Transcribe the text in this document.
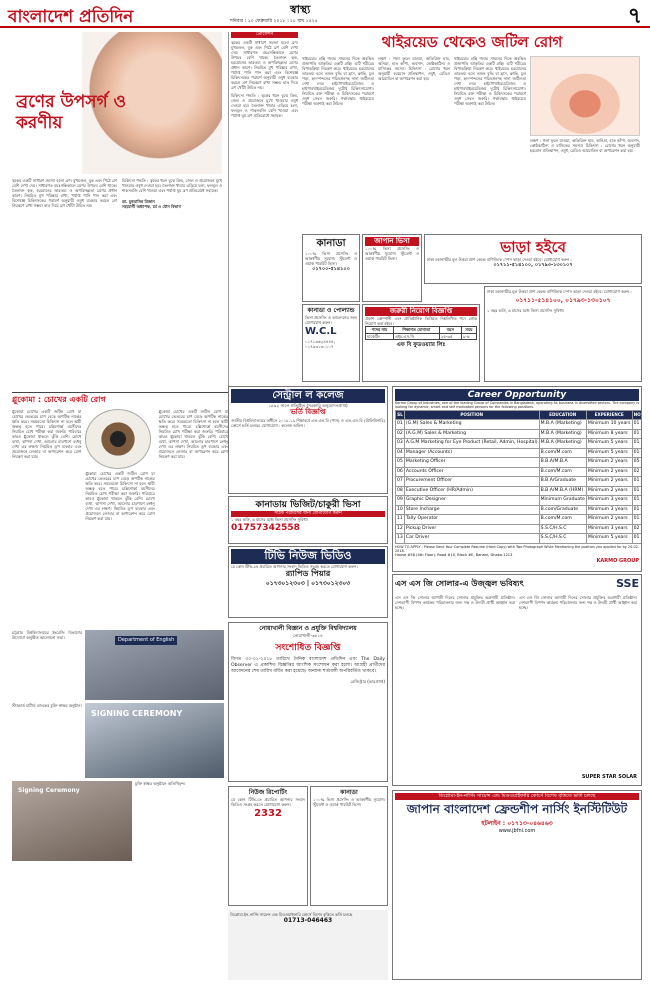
বাংলাদেশ প্রতিদিন	স্বাস্থ্য
শনিবার । ১০ ফেব্রুয়ারি ২০১৮ । ২৮ মাঘ ১৪২৪	৭
ব্রণের উপসর্গ ও করণীয়

ত্বকের একটি সাধারণ সমস্যা হলো ব্রণ। মুখমণ্ডল, বুক এবং পিঠে ব্রণ বেশি দেখা দেয়। সাধারণত বয়ঃসন্ধিকালে ব্রণের উপদ্রব বেশি থাকে। তৈলাক্ত ত্বক, হরমোনের তারতম্য ও অপরিচ্ছন্নতা ব্রণের প্রধান কারণ। নিয়মিত মুখ পরিষ্কার রাখা, পর্যাপ্ত পানি পান করা এবং বিশেষজ্ঞ চিকিৎসকের পরামর্শ অনুযায়ী ওষুধ ব্যবহার করলে ব্রণ নিয়ন্ত্রণে রাখা সম্ভব। হাত দিয়ে ব্রণ খোঁটা উচিত নয়।

চিকিৎসা পদ্ধতি : ত্বকের ধরন বুঝে ক্রিম, জেল ও প্রয়োজনে মুখে খাওয়ার ওষুধ দেওয়া হয়। তৈলাক্ত খাবার এড়িয়ে চলা, ফলমূল ও শাকসবজি বেশি খাওয়া এবং পর্যাপ্ত ঘুম ব্রণ প্রতিরোধে সহায়ক।

ডা. মুনতাসির মিজান
সহযোগী অধ্যাপক, চর্ম ও যৌন বিভাগ

প্রোফেশন

ত্বকের একটি সাধারণ সমস্যা হলো ব্রণ। মুখমণ্ডল, বুক এবং পিঠে ব্রণ বেশি দেখা দেয়। সাধারণত বয়ঃসন্ধিকালে ব্রণের উপদ্রব বেশি থাকে। তৈলাক্ত ত্বক, হরমোনের তারতম্য ও অপরিচ্ছন্নতা ব্রণের প্রধান কারণ। নিয়মিত মুখ পরিষ্কার রাখা, পর্যাপ্ত পানি পান করা এবং বিশেষজ্ঞ চিকিৎসকের পরামর্শ অনুযায়ী ওষুধ ব্যবহার করলে ব্রণ নিয়ন্ত্রণে রাখা সম্ভব। হাত দিয়ে ব্রণ খোঁটা উচিত নয়।

চিকিৎসা পদ্ধতি : ত্বকের ধরন বুঝে ক্রিম, জেল ও প্রয়োজনে মুখে খাওয়ার ওষুধ দেওয়া হয়। তৈলাক্ত খাবার এড়িয়ে চলা, ফলমূল ও শাকসবজি বেশি খাওয়া এবং পর্যাপ্ত ঘুম ব্রণ প্রতিরোধে সহায়ক।

গ্লুকোমা : চোখের একটি রোগ

গ্লুকোমা চোখের একটি জটিল রোগ যা চোখের ভেতরের চাপ বেড়ে অপটিক নার্ভের ক্ষতি করে। সময়মতো চিকিৎসা না হলে স্থায়ী অন্ধত্ব হতে পারে। চল্লিশোর্ধ্ব বয়সীদের নিয়মিত চোখ পরীক্ষা করা জরুরি। পরিবারে কারও গ্লুকোমা থাকলে ঝুঁকি বেশি। চোখে ব্যথা, ঝাপসা দেখা, আলোর চারপাশে রংধনু দেখা এর লক্ষণ। নিয়মিত ড্রপ ব্যবহার এবং প্রয়োজনে লেজার বা অপারেশন করে রোগ নিয়ন্ত্রণ করা যায়।

গ্লুকোমা চোখের একটি জটিল রোগ যা চোখের ভেতরের চাপ বেড়ে অপটিক নার্ভের ক্ষতি করে। সময়মতো চিকিৎসা না হলে স্থায়ী অন্ধত্ব হতে পারে। চল্লিশোর্ধ্ব বয়সীদের নিয়মিত চোখ পরীক্ষা করা জরুরি। পরিবারে কারও গ্লুকোমা থাকলে ঝুঁকি বেশি। চোখে ব্যথা, ঝাপসা দেখা, আলোর চারপাশে রংধনু দেখা এর লক্ষণ। নিয়মিত ড্রপ ব্যবহার এবং প্রয়োজনে লেজার বা অপারেশন করে রোগ নিয়ন্ত্রণ করা যায়।

গ্লুকোমা চোখের একটি জটিল রোগ যা চোখের ভেতরের চাপ বেড়ে অপটিক নার্ভের ক্ষতি করে। সময়মতো চিকিৎসা না হলে স্থায়ী অন্ধত্ব হতে পারে। চল্লিশোর্ধ্ব বয়সীদের নিয়মিত চোখ পরীক্ষা করা জরুরি। পরিবারে কারও গ্লুকোমা থাকলে ঝুঁকি বেশি। চোখে ব্যথা, ঝাপসা দেখা, আলোর চারপাশে রংধনু দেখা এর লক্ষণ। নিয়মিত ড্রপ ব্যবহার এবং প্রয়োজনে লেজার বা অপারেশন করে রোগ নিয়ন্ত্রণ করা যায়।

থাইরয়েড থেকেও জটিল রোগ

থাইরয়েড গ্রন্থি গলার সামনের দিকে অবস্থিত প্রজাপতি আকৃতির একটি গ্রন্থি। এটি শরীরের বিপাকক্রিয়া নিয়ন্ত্রণ করে। থাইরয়েড হরমোনের তারতম্য হলে ওজন বৃদ্ধি বা হ্রাস, ক্লান্তি, চুল পড়া, হৃদস্পন্দনের পরিবর্তনসহ নানা জটিলতা দেখা দেয়। হাইপোথাইরয়েডিজম ও হাইপারথাইরয়েডিজম দুটোই চিকিৎসাযোগ্য। নিয়মিত রক্ত পরীক্ষা ও চিকিৎসকের পরামর্শে ওষুধ সেবন জরুরি। গর্ভাবস্থায় থাইরয়েড পরীক্ষা অবশ্যই করা উচিত।

লক্ষণ : গলা ফুলে যাওয়া, অতিরিক্ত ঘাম, অনিদ্রা, হাত কাঁপা, অবসাদ, কোষ্ঠকাঠিন্য ও মাসিকের সমস্যা। চিকিৎসা : রোগের ধরন অনুযায়ী হরমোন প্রতিস্থাপন, ওষুধ, রেডিও আয়োডিন বা অপারেশন করা হয়।

থাইরয়েড গ্রন্থি গলার সামনের দিকে অবস্থিত প্রজাপতি আকৃতির একটি গ্রন্থি। এটি শরীরের বিপাকক্রিয়া নিয়ন্ত্রণ করে। থাইরয়েড হরমোনের তারতম্য হলে ওজন বৃদ্ধি বা হ্রাস, ক্লান্তি, চুল পড়া, হৃদস্পন্দনের পরিবর্তনসহ নানা জটিলতা দেখা দেয়। হাইপোথাইরয়েডিজম ও হাইপারথাইরয়েডিজম দুটোই চিকিৎসাযোগ্য। নিয়মিত রক্ত পরীক্ষা ও চিকিৎসকের পরামর্শে ওষুধ সেবন জরুরি। গর্ভাবস্থায় থাইরয়েড পরীক্ষা অবশ্যই করা উচিত।

লক্ষণ : গলা ফুলে যাওয়া, অতিরিক্ত ঘাম, অনিদ্রা, হাত কাঁপা, অবসাদ, কোষ্ঠকাঠিন্য ও মাসিকের সমস্যা। চিকিৎসা : রোগের ধরন অনুযায়ী হরমোন প্রতিস্থাপন, ওষুধ, রেডিও আয়োডিন বা অপারেশন করা হয়।

কানাডা

১০০% ভিসা প্রসেসিং ও আকর্ষণীয় সুযোগ। স্টুডেন্ট ও ওয়ার্ক পারমিট ভিসা।

০১৭০০-৫১৪১০০
জাপান ভিসা

১০০% ভিসা প্রসেসিং ও আকর্ষণীয় সুযোগ। স্টুডেন্ট ও ওয়ার্ক পারমিট ভিসা।

ভাড়া হইবে

ঢাকা মহানগরীর মূল উত্তরা প্রাণ কেন্দ্রে বাণিজ্যিক স্পেস ভাড়া দেওয়া হইবে। যোগাযোগ করুন :

০১৭১১-৫১৪১০০, ০১৭৯৩-১৩০১০৭
জরুরী নিয়োগ বিজ্ঞপ্তি

প্রকাশ কোম্পানী এবং প্রাতিষ্ঠানিক ভিত্তিতে নিম্নলিখিত পদে লোক নিয়োগ করা হইবে।

পদের নাম	শিক্ষাগত যোগ্যতা	বয়স	সময়
মার্কেটিং	এইচ.এস.সি	২৫-৩৫	৯-৬
এফ বি ফুডওয়্যার লিঃ

ঢাকা মহানগরীর মূল উত্তরা প্রাণ কেন্দ্রে বাণিজ্যিক স্পেস ভাড়া দেওয়া হইবে। যোগাযোগ করুন :

০১৭১১-৫১৪১০০, ০১৭৯৩-১৩০১০৭

১ বছর ভর্তি, ৬ মাসের মধ্যে ভিসা প্রসেসিং সুবিধা।

কানাডা ও পোল্যান্ড

ভিসা প্রসেসিং ও আবেদনের জন্য যোগাযোগ করুন।

W.C.L
০১৭১৩৬২৪৪৪৪, ০১৭৯৩১৩০১০৭
সেন্ট্রাল ল কলেজ
১৯৯২ সালে প্রতিষ্ঠিত (সরকারি অনুমোদনপ্রাপ্ত)
ভর্তি বিজ্ঞপ্তি

জাতীয় বিশ্ববিদ্যালয়ের অধীনে ২০১৮-১৯ শিক্ষাবর্ষে এল.এল.বি (পাস) ও এল.এল.বি (প্রিলিমিনারি) কোর্সে ভর্তি চলছে। যোগাযোগ : কলেজ অফিস।

Career Opportunity

Karmo Group of Industries, one of the leading Group of Companies in Bangladesh, operating its business in diversified sectors. The company is looking for dynamic, smart and self motivated persons for the following positions.

SL	POSITION	EDUCATION	EXPERIENCE	NO
01	(G.M) Sales & Marketing	M.B.A (Marketing)	Minimum 10 years	01
02	(A.G.M) Sales & Marketing	M.B.A (Marketing)	Minimum 8 years	01
03	A.G.M Marketing for Eye Product (Retail, Admin, Hospital)	M.B.A (Marketing)	Minimum 5 years	01
04	Manager (Accounts)	B.com/M.com	Minimum 5 years	01
05	Marketing Officer	B.B.A/M.B.A	Minimum 2 years	05
06	Accounts Officer	B.com/M.com	Minimum 2 years	02
07	Procurement Officer	B.B.A/Graduate	Minimum 2 years	01
08	Executive Officer (HR/Admin)	B.B.A/M.B.A (HRM)	Minimum 2 years	01
09	Graphic Designer	Minimum Graduate	Minimum 3 years	01
10	Store Incharge	B.com/Graduate	Minimum 3 years	01
11	Tally Operator	B.com/M.com	Minimum 2 years	01
12	Pickup Driver	S.S.C/H.S.C	Minimum 3 years	02
13	Car Driver	S.S.C/H.S.C	Minimum 5 years	01

HOW TO APPLY : Please Send Your Complete Resume (Hard Copy) with Two Photograph While Mentioning the position you applied for by 20-02-2018.

House #58 (4th Floor), Road #10, Block #E, Banani, Dhaka-1213
KARMO GROUP
কানাডায় ভিজিট/চাকুরী ভিসা
সঠিক পরামর্শের জন্য যোগাযোগ করুন

১ বছর ভর্তি, ৬ মাসের মধ্যে ভিসা প্রসেসিং সুবিধা।

01757342558
টিভি নিউজ ভিডিও

যে কোন টিভি-তে প্রচারিত আপনার সংবাদ ভিডিও সংগ্রহ করতে যোগাযোগ করুন।

র‍্যাপিড পিয়ার
০১৭৩০১২৩০৩ | ০১৭৩০১২৩০৩	এস এস জি সোলার-এ উজ্জ্বল ভবিষ্যৎ	SSE

এস এস জি সোলার আগামী দিনের সোলার প্রযুক্তির অগ্রগামী প্রতিষ্ঠান। দেশব্যাপী বিপণন কার্যক্রম পরিচালনার জন্য দক্ষ ও উদ্যমী প্রার্থী আহ্বান করা হচ্ছে।

এস এস জি সোলার আগামী দিনের সোলার প্রযুক্তির অগ্রগামী প্রতিষ্ঠান। দেশব্যাপী বিপণন কার্যক্রম পরিচালনার জন্য দক্ষ ও উদ্যমী প্রার্থী আহ্বান করা হচ্ছে।

SUPER STAR SOLAR
নোয়াখালী বিজ্ঞান ও প্রযুক্তি বিশ্ববিদ্যালয়
নোয়াখালী-৩৮১৪
সংশোধিত বিজ্ঞপ্তি

বিগত ৩০-০১-২০১৮ তারিখে দৈনিক বাংলাদেশ প্রতিদিন এবং The Daily Observer এ প্রকাশিত বিজ্ঞপ্তির আংশিক সংশোধন করা হলো। আগ্রহী প্রার্থীদের আবেদনের শেষ তারিখ বর্ধিত করা হয়েছে। অন্যান্য শর্তাবলী অপরিবর্তিত থাকবে।

রেজিস্ট্রার (ভারপ্রাপ্ত)

চট্টগ্রাম বিশ্ববিদ্যালয়ের ইংরেজি বিভাগের উদ্যোগে অনুষ্ঠিত আলোচনা সভা।	Department of English

স্ট্যান্ডার্ড চার্টার্ড ব্যাংকের চুক্তি স্বাক্ষর অনুষ্ঠান।

SIGNING CEREMONY
Signing Ceremony

চুক্তি স্বাক্ষর অনুষ্ঠানে অতিথিবৃন্দ।

নিউজ রিপোর্টিং

যে কোন টিভি-তে প্রচারিত আপনার সংবাদ ভিডিও সংগ্রহ করতে যোগাযোগ করুন।

2332
কানাডা

১০০% ভিসা প্রসেসিং ও আকর্ষণীয় সুযোগ। স্টুডেন্ট ও ওয়ার্ক পারমিট ভিসা।

ডিপ্লোমা-ইন-নার্সিং সায়েন্স এন্ড মিডওয়াইফারি কোর্সে বিশেষ বৃত্তিতে ভর্তি চলছে
জাপান বাংলাদেশ ফ্রেন্ডশীপ নার্সিং ইনস্টিটিউট

হটলাইন : ০১৭১৩-০৪৬৪৬৩
www.jbfni.com

ডিপ্লোমা-ইন-নার্সিং সায়েন্স এন্ড মিডওয়াইফারি কোর্সে বিশেষ বৃত্তিতে ভর্তি চলছে

01713-046463
